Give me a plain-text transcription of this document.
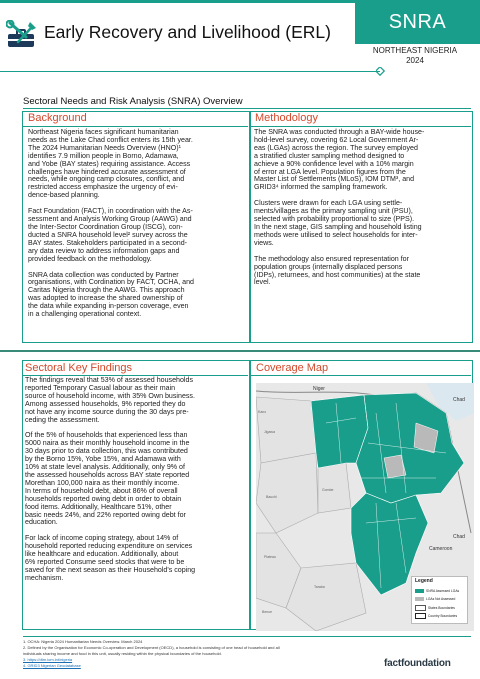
Early Recovery and Livelihood (ERL)	SNRA
NORTHEAST NIGERIA
2024
Sectoral Needs and Risk Analysis (SNRA) Overview
Background

Northeast Nigeria faces significant humanitarian
needs as the Lake Chad conflict enters its 15th year.
The 2024 Humanitarian Needs Overview (HNO)¹
identifies 7.9 million people in Borno, Adamawa,
and Yobe (BAY states) requiring assistance. Access
challenges have hindered accurate assessment of
needs, while ongoing camp closures, conflict, and
restricted access emphasize the urgency of evi-
dence-based planning.

Fact Foundation (FACT), in coordination with the As-
sessment and Analysis Working Group (AAWG) and
the Inter-Sector Coordination Group (ISCG), con-
ducted a SNRA household level² survey across the
BAY states. Stakeholders participated in a second-
ary data review to address information gaps and
provided feedback on the methodology.

SNRA data collection was conducted by Partner
organisations, with Cordination by FACT, OCHA, and
Caritas Nigeria through the AAWG. This approach
was adopted to increase the shared ownership of
the data while expanding in-person coverage, even
in a challenging operational context.

Methodology

The SNRA was conducted through a BAY-wide house-
hold-level survey, covering 62 Local Government Ar-
eas (LGAs) across the region. The survey employed
a stratified cluster sampling method designed to
achieve a 90% confidence level with a 10% margin
of error at LGA level. Population figures from the
Master List of Settlements (MLoS), IOM DTM³, and
GRID3⁴ informed the sampling framework.

Clusters were drawn for each LGA using settle-
ments/villages as the primary sampling unit (PSU),
selected with probability proportional to size (PPS).
In the next stage, GIS sampling and household listing
methods were utilised to select households for inter-
views.

The methodology also ensured representation for
population groups (internally displaced persons
(IDPs), returnees, and host communities) at the state
level.

Sectoral Key Findings

The findings reveal that 53% of assessed households
reported Temporary Casual labour as their main
source of household income, with 35% Own business.
Among assessed households, 9% reported they do
not have any income source during the 30 days pre-
ceding the assessment.

Of the 5% of households that experienced less than
5000 naira as their monthly household income in the
30 days prior to data collection, this was contributed
by the Borno 15%, Yobe 15%, and Adamawa with
10% at state level analysis. Additionally, only 9% of
the assessed households across BAY state reported
Morethan 100,000 naira as their monthly income.
In terms of household debt, about 86% of overall
households reported owing debt in order to obtain
food items. Additionally, Healthcare 51%, other
basic needs 24%, and 22% reported owing debt for
education.

For lack of income coping strategy, about 14% of
household reported reducing expenditure on services
like healthcare and education. Additionally, about
6% reported Consume seed stocks that were to be
saved for the next season as their Household's coping
mechanism.

Coverage Map
Niger
Chad
Chad
Cameroon
Jigawa
Kano
Bauchi
Gombe
Plateau
Taraba
Benue
Legend
SNRA Assessed LGAs
LGAs Not Assessed
States Boundaries
Country Boundaries
1. OCHA: Nigeria 2024 Humanitarian Needs Overview. March 2024
2. Defined by the Organisation for Economic Co-operation and Development (OECD), a household is consisting of one head of household and all
individuals sharing income and food in this unit, usually residing within the physical boundaries of the household.
3. https://dtm.iom.int/nigeria
4. GRID3 Nigerian Geodatabase	factfoundation
